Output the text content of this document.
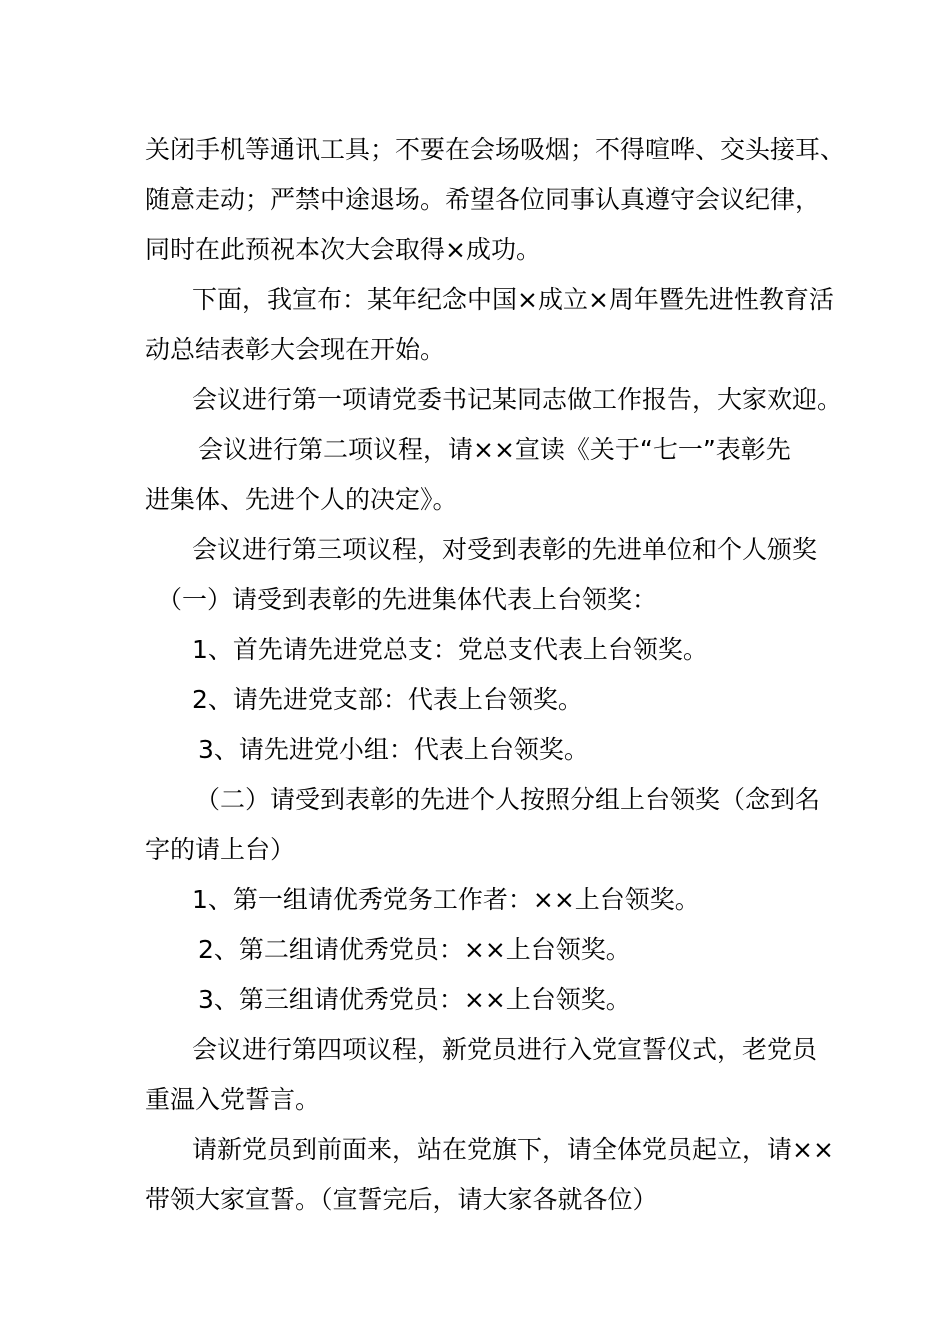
关闭手机等通讯工具；不要在会场吸烟；不得喧哗、交头接耳、
随意走动；严禁中途退场。希望各位同事认真遵守会议纪律，
同时在此预祝本次大会取得×成功。
下面，我宣布：某年纪念中国×成立×周年暨先进性教育活
动总结表彰大会现在开始。
会议进行第一项请党委书记某同志做工作报告，大家欢迎。
会议进行第二项议程，请××宣读《关于“七一”表彰先
进集体、先进个人的决定》。
会议进行第三项议程，对受到表彰的先进单位和个人颁奖
（一）请受到表彰的先进集体代表上台领奖：
1、首先请先进党总支：党总支代表上台领奖。
2、请先进党支部：代表上台领奖。
3、请先进党小组：代表上台领奖。
（二）请受到表彰的先进个人按照分组上台领奖（念到名
字的请上台）
1、第一组请优秀党务工作者：××上台领奖。
2、第二组请优秀党员：××上台领奖。
3、第三组请优秀党员：××上台领奖。
会议进行第四项议程，新党员进行入党宣誓仪式，老党员
重温入党誓言。
请新党员到前面来，站在党旗下，请全体党员起立，请××
带领大家宣誓。（宣誓完后，请大家各就各位）
